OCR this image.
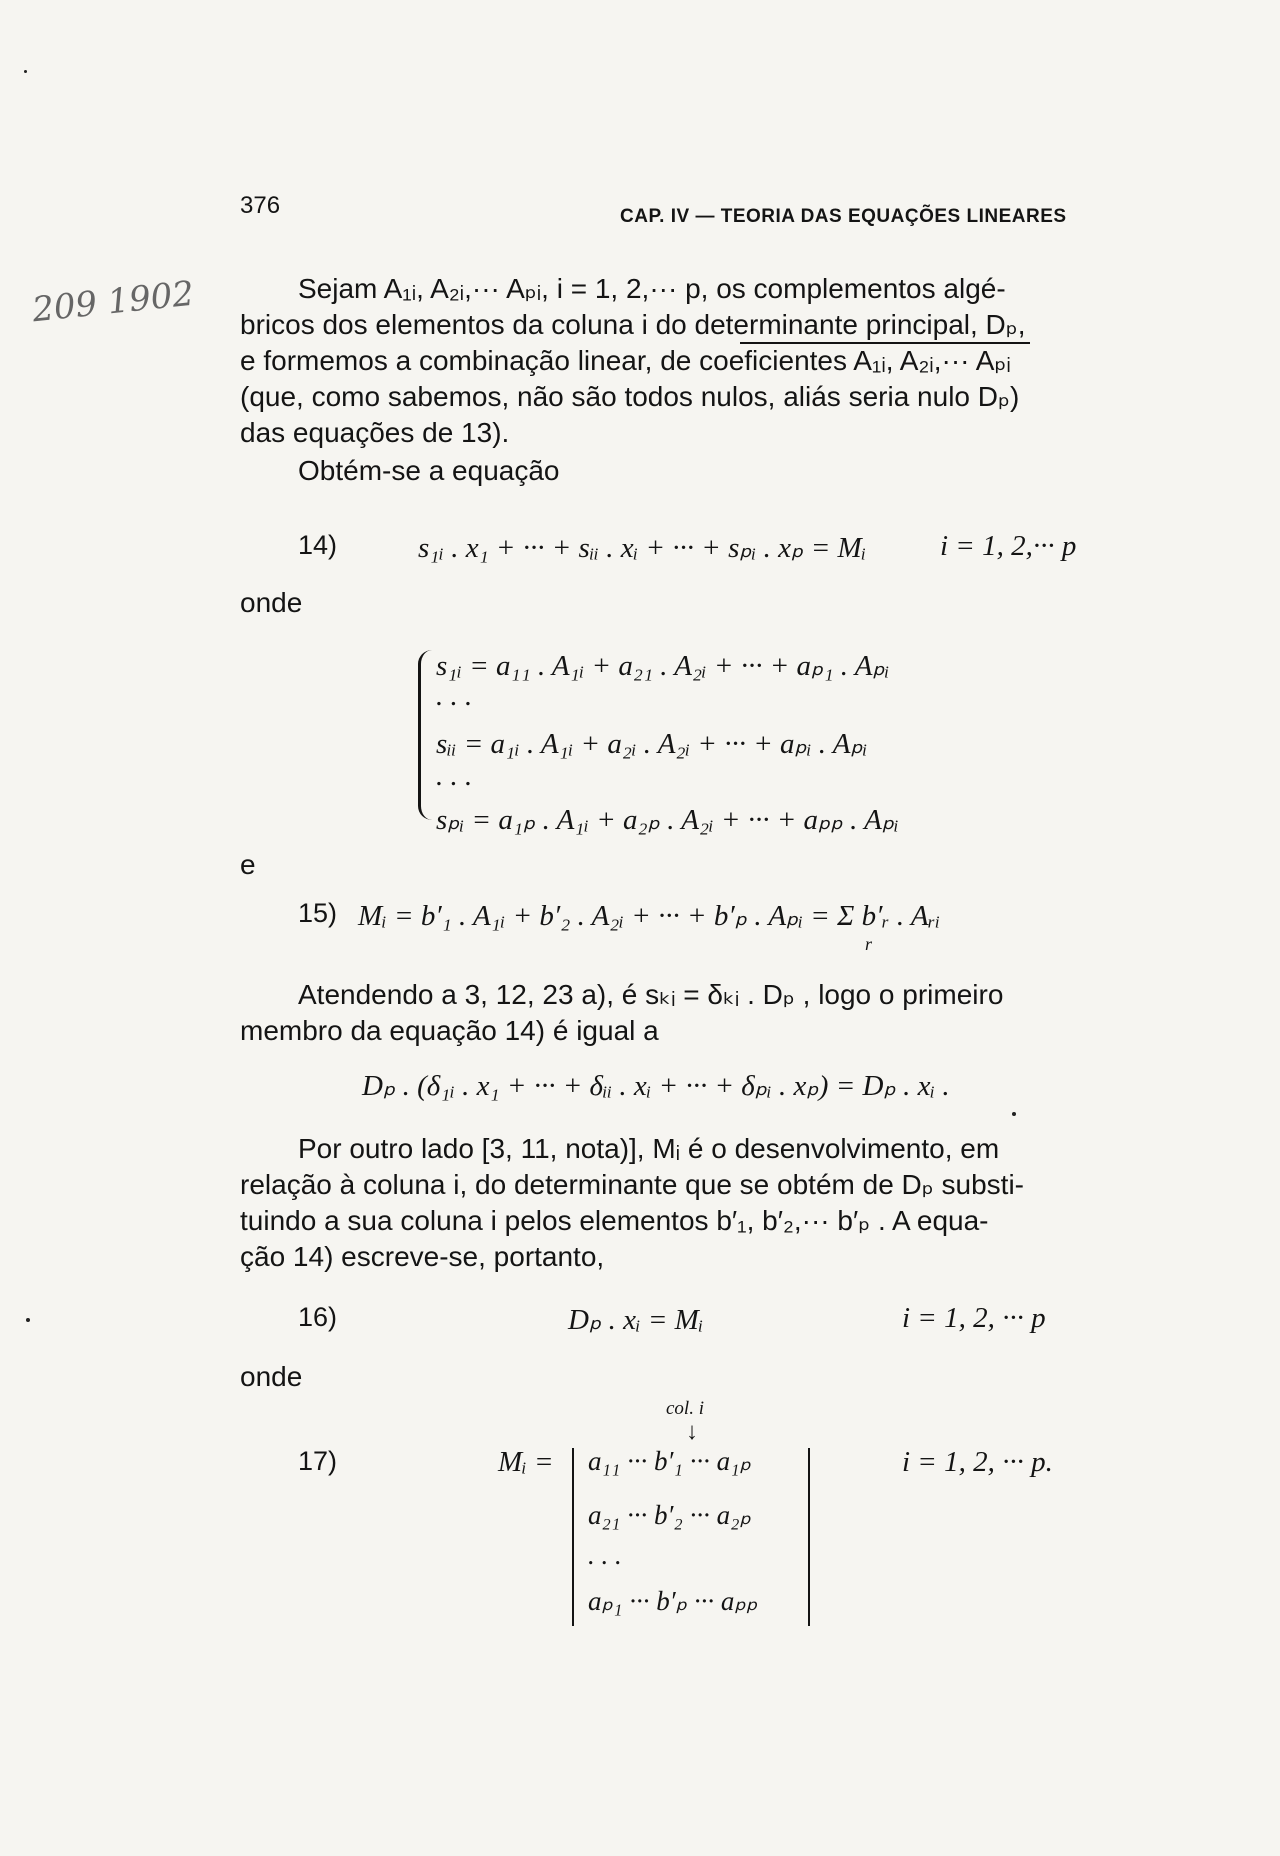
376	CAP. IV — TEORIA DAS EQUAÇÕES LINEARES
209 1902	Sejam A₁ᵢ, A₂ᵢ,··· Aₚᵢ, i = 1, 2,··· p, os complementos algé-
bricos dos elementos da coluna i do determinante principal, Dₚ,
e formemos a combinação linear, de coeficientes A₁ᵢ, A₂ᵢ,··· Aₚᵢ
(que, como sabemos, não são todos nulos, aliás seria nulo Dₚ)
das equações de 13).
Obtém-se a equação
14)	s₁ᵢ . x₁ + ··· + sᵢᵢ . xᵢ + ··· + sₚᵢ . xₚ = Mᵢ	i = 1, 2,··· p
onde
s₁ᵢ = a₁₁ . A₁ᵢ + a₂₁ . A₂ᵢ + ··· + aₚ₁ . Aₚᵢ
. . .
sᵢᵢ = a₁ᵢ . A₁ᵢ + a₂ᵢ . A₂ᵢ + ··· + aₚᵢ . Aₚᵢ
. . .
sₚᵢ = a₁ₚ . A₁ᵢ + a₂ₚ . A₂ᵢ + ··· + aₚₚ . Aₚᵢ
e
15) Mᵢ = b′₁ . A₁ᵢ + b′₂ . A₂ᵢ + ··· + b′ₚ . Aₚᵢ = Σ b′ᵣ . Aᵣᵢ
r
Atendendo a 3, 12, 23 a), é sₖᵢ = δₖᵢ . Dₚ , logo o primeiro
membro da equação 14) é igual a
Dₚ . (δ₁ᵢ . x₁ + ··· + δᵢᵢ . xᵢ + ··· + δₚᵢ . xₚ) = Dₚ . xᵢ .
Por outro lado [3, 11, nota)], Mᵢ é o desenvolvimento, em
relação à coluna i, do determinante que se obtém de Dₚ substi-
tuindo a sua coluna i pelos elementos b′₁, b′₂,··· b′ₚ . A equa-
ção 14) escreve-se, portanto,
16)	Dₚ . xᵢ = Mᵢ	i = 1, 2, ··· p
onde
col. i
↓
17)	Mᵢ = a₁₁ ··· b′₁ ··· a₁ₚ
a₂₁ ··· b′₂ ··· a₂ₚ
. . .
aₚ₁ ··· b′ₚ ··· aₚₚ
i = 1, 2, ··· p.
